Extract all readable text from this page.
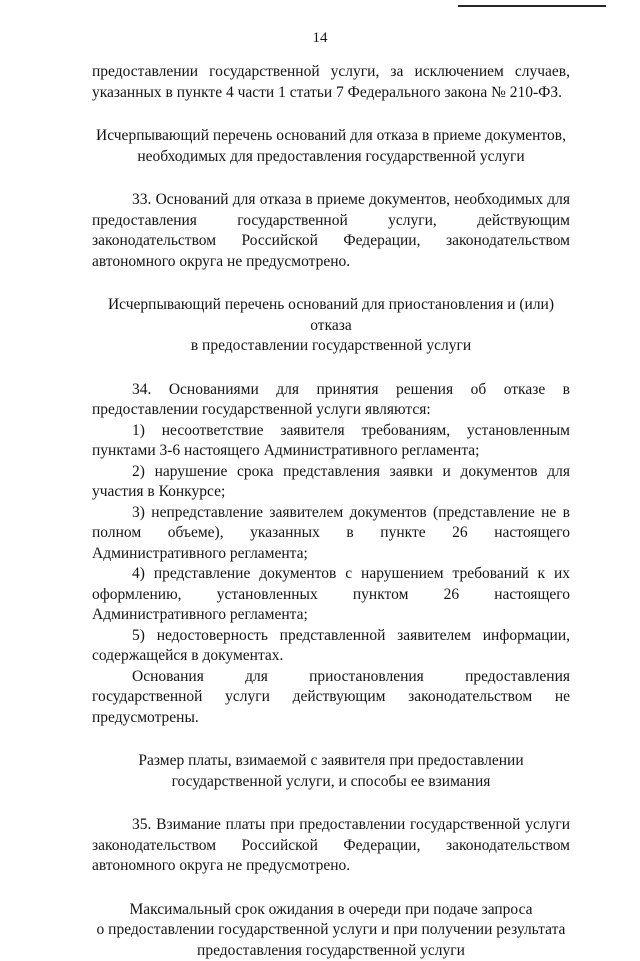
14

предоставлении государственной услуги, за исключением случаев, указанных в пункте 4 части 1 статьи 7 Федерального закона № 210-ФЗ.

Исчерпывающий перечень оснований для отказа в приеме документов,
необходимых для предоставления государственной услуги

33. Оснований для отказа в приеме документов, необходимых для предоставления государственной услуги, действующим законодательством Российской Федерации, законодательством автономного округа не предусмотрено.

Исчерпывающий перечень оснований для приостановления и (или) отказа
в предоставлении государственной услуги

34. Основаниями для принятия решения об отказе в предоставлении государственной услуги являются:

1) несоответствие заявителя требованиям, установленным пунктами 3-6 настоящего Административного регламента;

2) нарушение срока представления заявки и документов для участия в Конкурсе;

3) непредставление заявителем документов (представление не в полном объеме), указанных в пункте 26 настоящего Административного регламента;

4) представление документов с нарушением требований к их оформлению, установленных пунктом 26 настоящего Административного регламента;

5) недостоверность представленной заявителем информации, содержащейся в документах.

Основания для приостановления предоставления государственной услуги действующим законодательством не предусмотрены.

Размер платы, взимаемой с заявителя при предоставлении
государственной услуги, и способы ее взимания

35. Взимание платы при предоставлении государственной услуги законодательством Российской Федерации, законодательством автономного округа не предусмотрено.

Максимальный срок ожидания в очереди при подаче запроса
о предоставлении государственной услуги и при получении результата
предоставления государственной услуги
